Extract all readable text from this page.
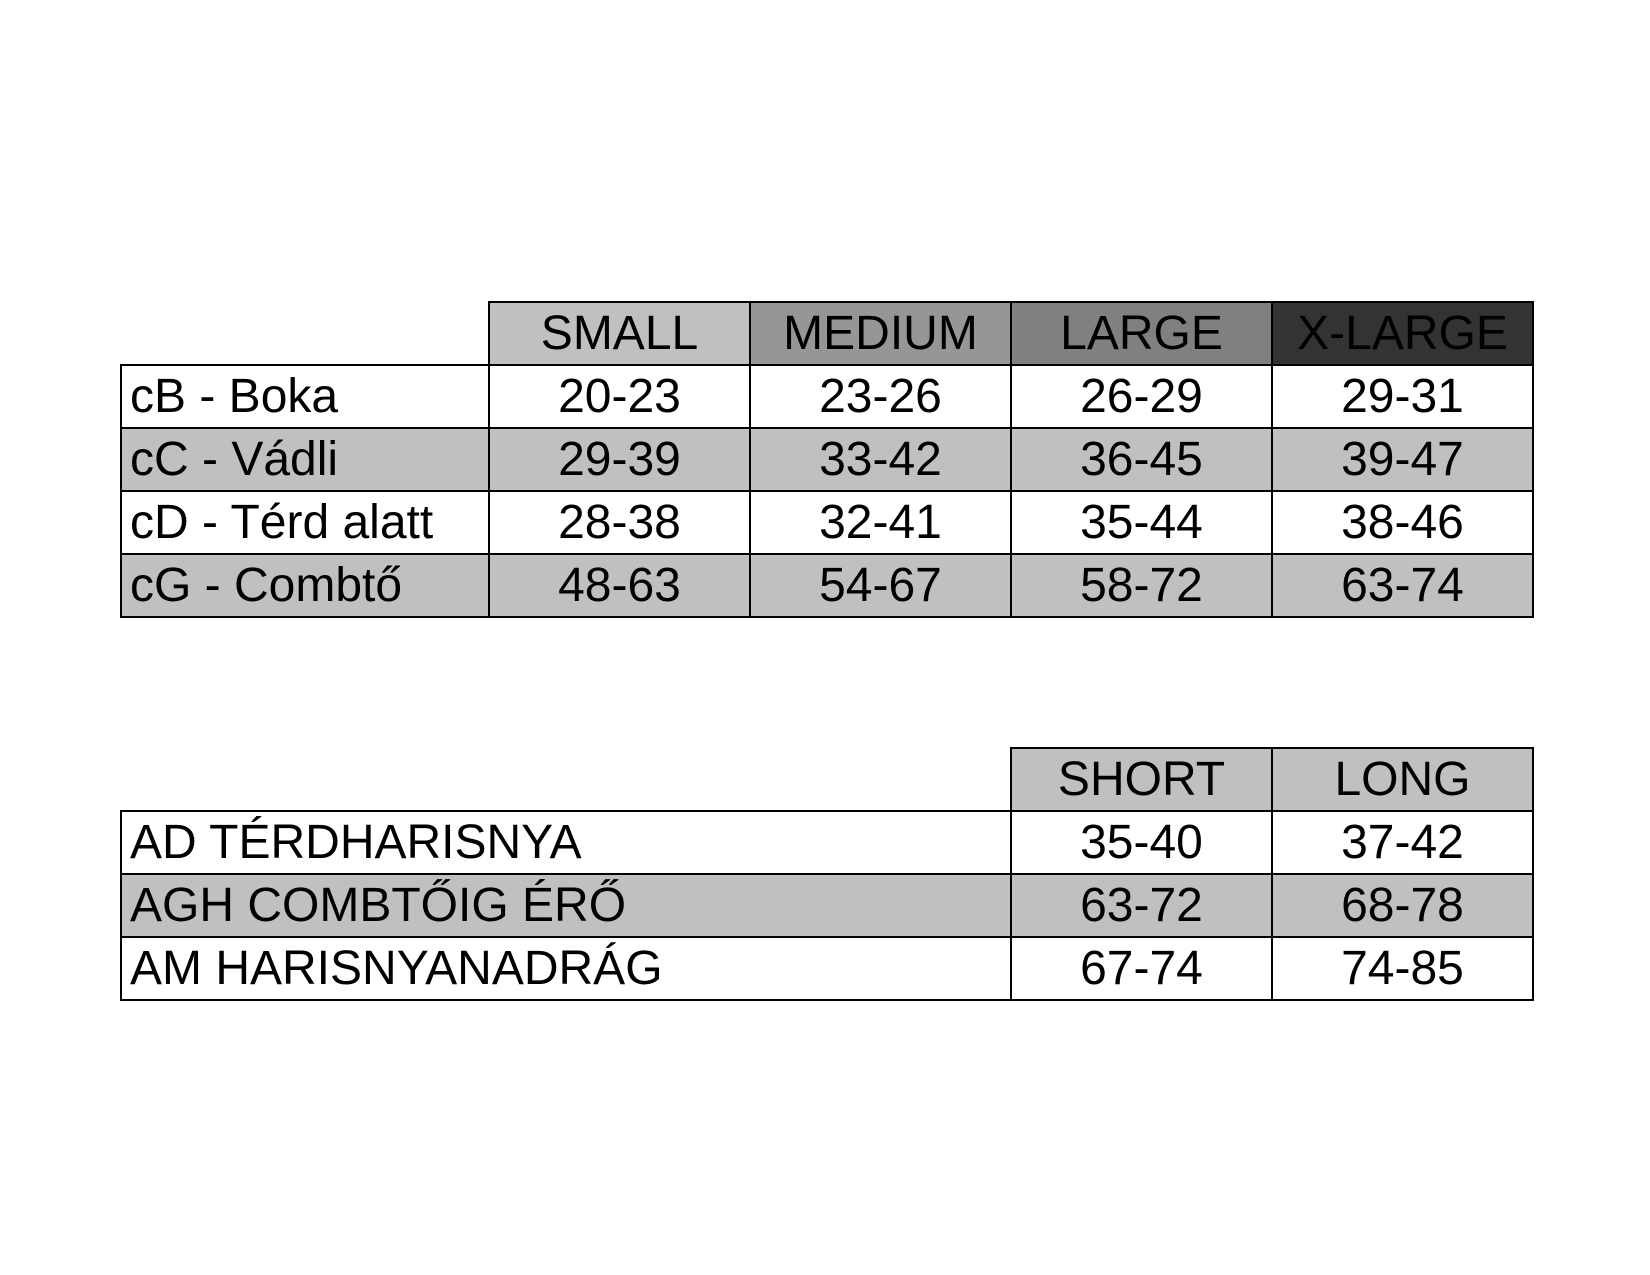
	SMALL	MEDIUM	LARGE	X-LARGE
cB - Boka	20-23	23-26	26-29	29-31
cC - Vádli	29-39	33-42	36-45	39-47
cD - Térd alatt	28-38	32-41	35-44	38-46
cG - Combtő	48-63	54-67	58-72	63-74
	SHORT	LONG
AD TÉRDHARISNYA	35-40	37-42
AGH COMBTŐIG ÉRŐ	63-72	68-78
AM HARISNYANADRÁG	67-74	74-85
